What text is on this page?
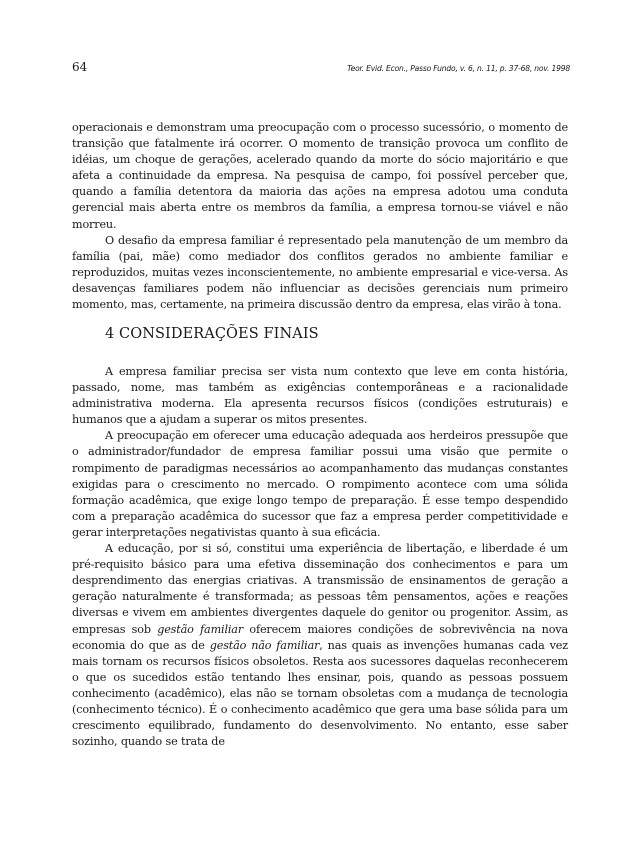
64	Teor. Evid. Econ., Passo Fundo, v. 6, n. 11, p. 37-68, nov. 1998

operacionais e demonstram uma preocupação com o processo sucessório, o momento de transição que fatalmente irá ocorrer. O momento de transição provoca um conflito de idéias, um choque de gerações, acelerado quando da morte do sócio majoritário e que afeta a continuidade da empresa. Na pesquisa de campo, foi possível perceber que, quando a família detentora da maioria das ações na empresa adotou uma conduta gerencial mais aberta entre os membros da família, a empresa tornou-se viável e não morreu.

O desafio da empresa familiar é representado pela manutenção de um membro da família (pai, mãe) como mediador dos conflitos gerados no ambiente familiar e reproduzidos, muitas vezes inconscientemente, no ambiente empresarial e vice-versa. As desavenças familiares podem não influenciar as decisões gerenciais num primeiro momento, mas, certamente, na primeira discussão dentro da empresa, elas virão à tona.

4 CONSIDERAÇÕES FINAIS

A empresa familiar precisa ser vista num contexto que leve em conta história, passado, nome, mas também as exigências contemporâneas e a racionalidade administrativa moderna. Ela apresenta recursos físicos (condições estruturais) e humanos que a ajudam a superar os mitos presentes.

A preocupação em oferecer uma educação adequada aos herdeiros pressupõe que o administrador/fundador de empresa familiar possui uma visão que permite o rompimento de paradigmas necessários ao acompanhamento das mudanças constantes exigidas para o crescimento no mercado. O rompimento acontece com uma sólida formação acadêmica, que exige longo tempo de preparação. É esse tempo despendido com a preparação acadêmica do sucessor que faz a empresa perder competitividade e gerar interpretações negativistas quanto à sua eficácia.

A educação, por si só, constitui uma experiência de libertação, e liberdade é um pré-requisito básico para uma efetiva disseminação dos conhecimentos e para um desprendimento das energias criativas. A transmissão de ensinamentos de geração a geração naturalmente é transformada; as pessoas têm pensamentos, ações e reações diversas e vivem em ambientes divergentes daquele do genitor ou progenitor. Assim, as empresas sob gestão familiar oferecem maiores condições de sobrevivência na nova economia do que as de gestão não familiar, nas quais as invenções humanas cada vez mais tornam os recursos físicos obsoletos. Resta aos sucessores daquelas reconhecerem o que os sucedidos estão tentando lhes ensinar, pois, quando as pessoas possuem conhecimento (acadêmico), elas não se tornam obsoletas com a mudança de tecnologia (conhecimento técnico). É o conhecimento acadêmico que gera uma base sólida para um crescimento equilibrado, fundamento do desenvolvimento. No entanto, esse saber sozinho, quando se trata de
